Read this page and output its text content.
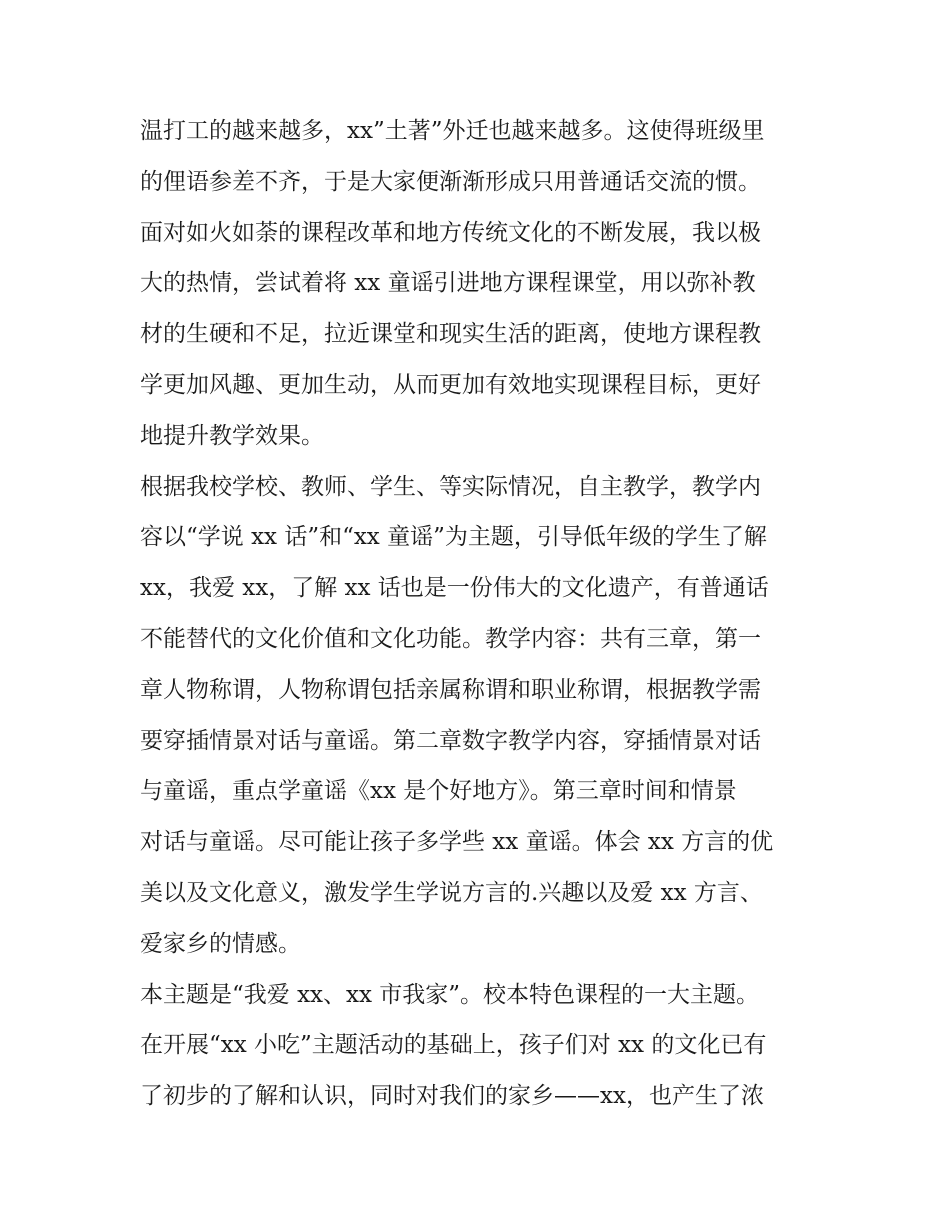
温打工的越来越多，xx”土著”外迁也越来越多。这使得班级里
的俚语参差不齐，于是大家便渐渐形成只用普通话交流的惯。
面对如火如荼的课程改革和地方传统文化的不断发展，我以极
大的热情，尝试着将 xx 童谣引进地方课程课堂，用以弥补教
材的生硬和不足，拉近课堂和现实生活的距离，使地方课程教
学更加风趣、更加生动，从而更加有效地实现课程目标，更好
地提升教学效果。
根据我校学校、教师、学生、等实际情况，自主教学，教学内
容以“学说 xx 话”和“xx 童谣”为主题，引导低年级的学生了解
xx，我爱 xx，了解 xx 话也是一份伟大的文化遗产，有普通话
不能替代的文化价值和文化功能。教学内容：共有三章，第一
章人物称谓，人物称谓包括亲属称谓和职业称谓，根据教学需
要穿插情景对话与童谣。第二章数字教学内容，穿插情景对话
与童谣，重点学童谣《xx 是个好地方》。第三章时间和情景
对话与童谣。尽可能让孩子多学些 xx 童谣。体会 xx 方言的优
美以及文化意义，激发学生学说方言的.兴趣以及爱 xx 方言、
爱家乡的情感。
本主题是“我爱 xx、xx 市我家”。校本特色课程的一大主题。
在开展“xx 小吃”主题活动的基础上，孩子们对 xx 的文化已有
了初步的了解和认识，同时对我们的家乡——xx，也产生了浓
